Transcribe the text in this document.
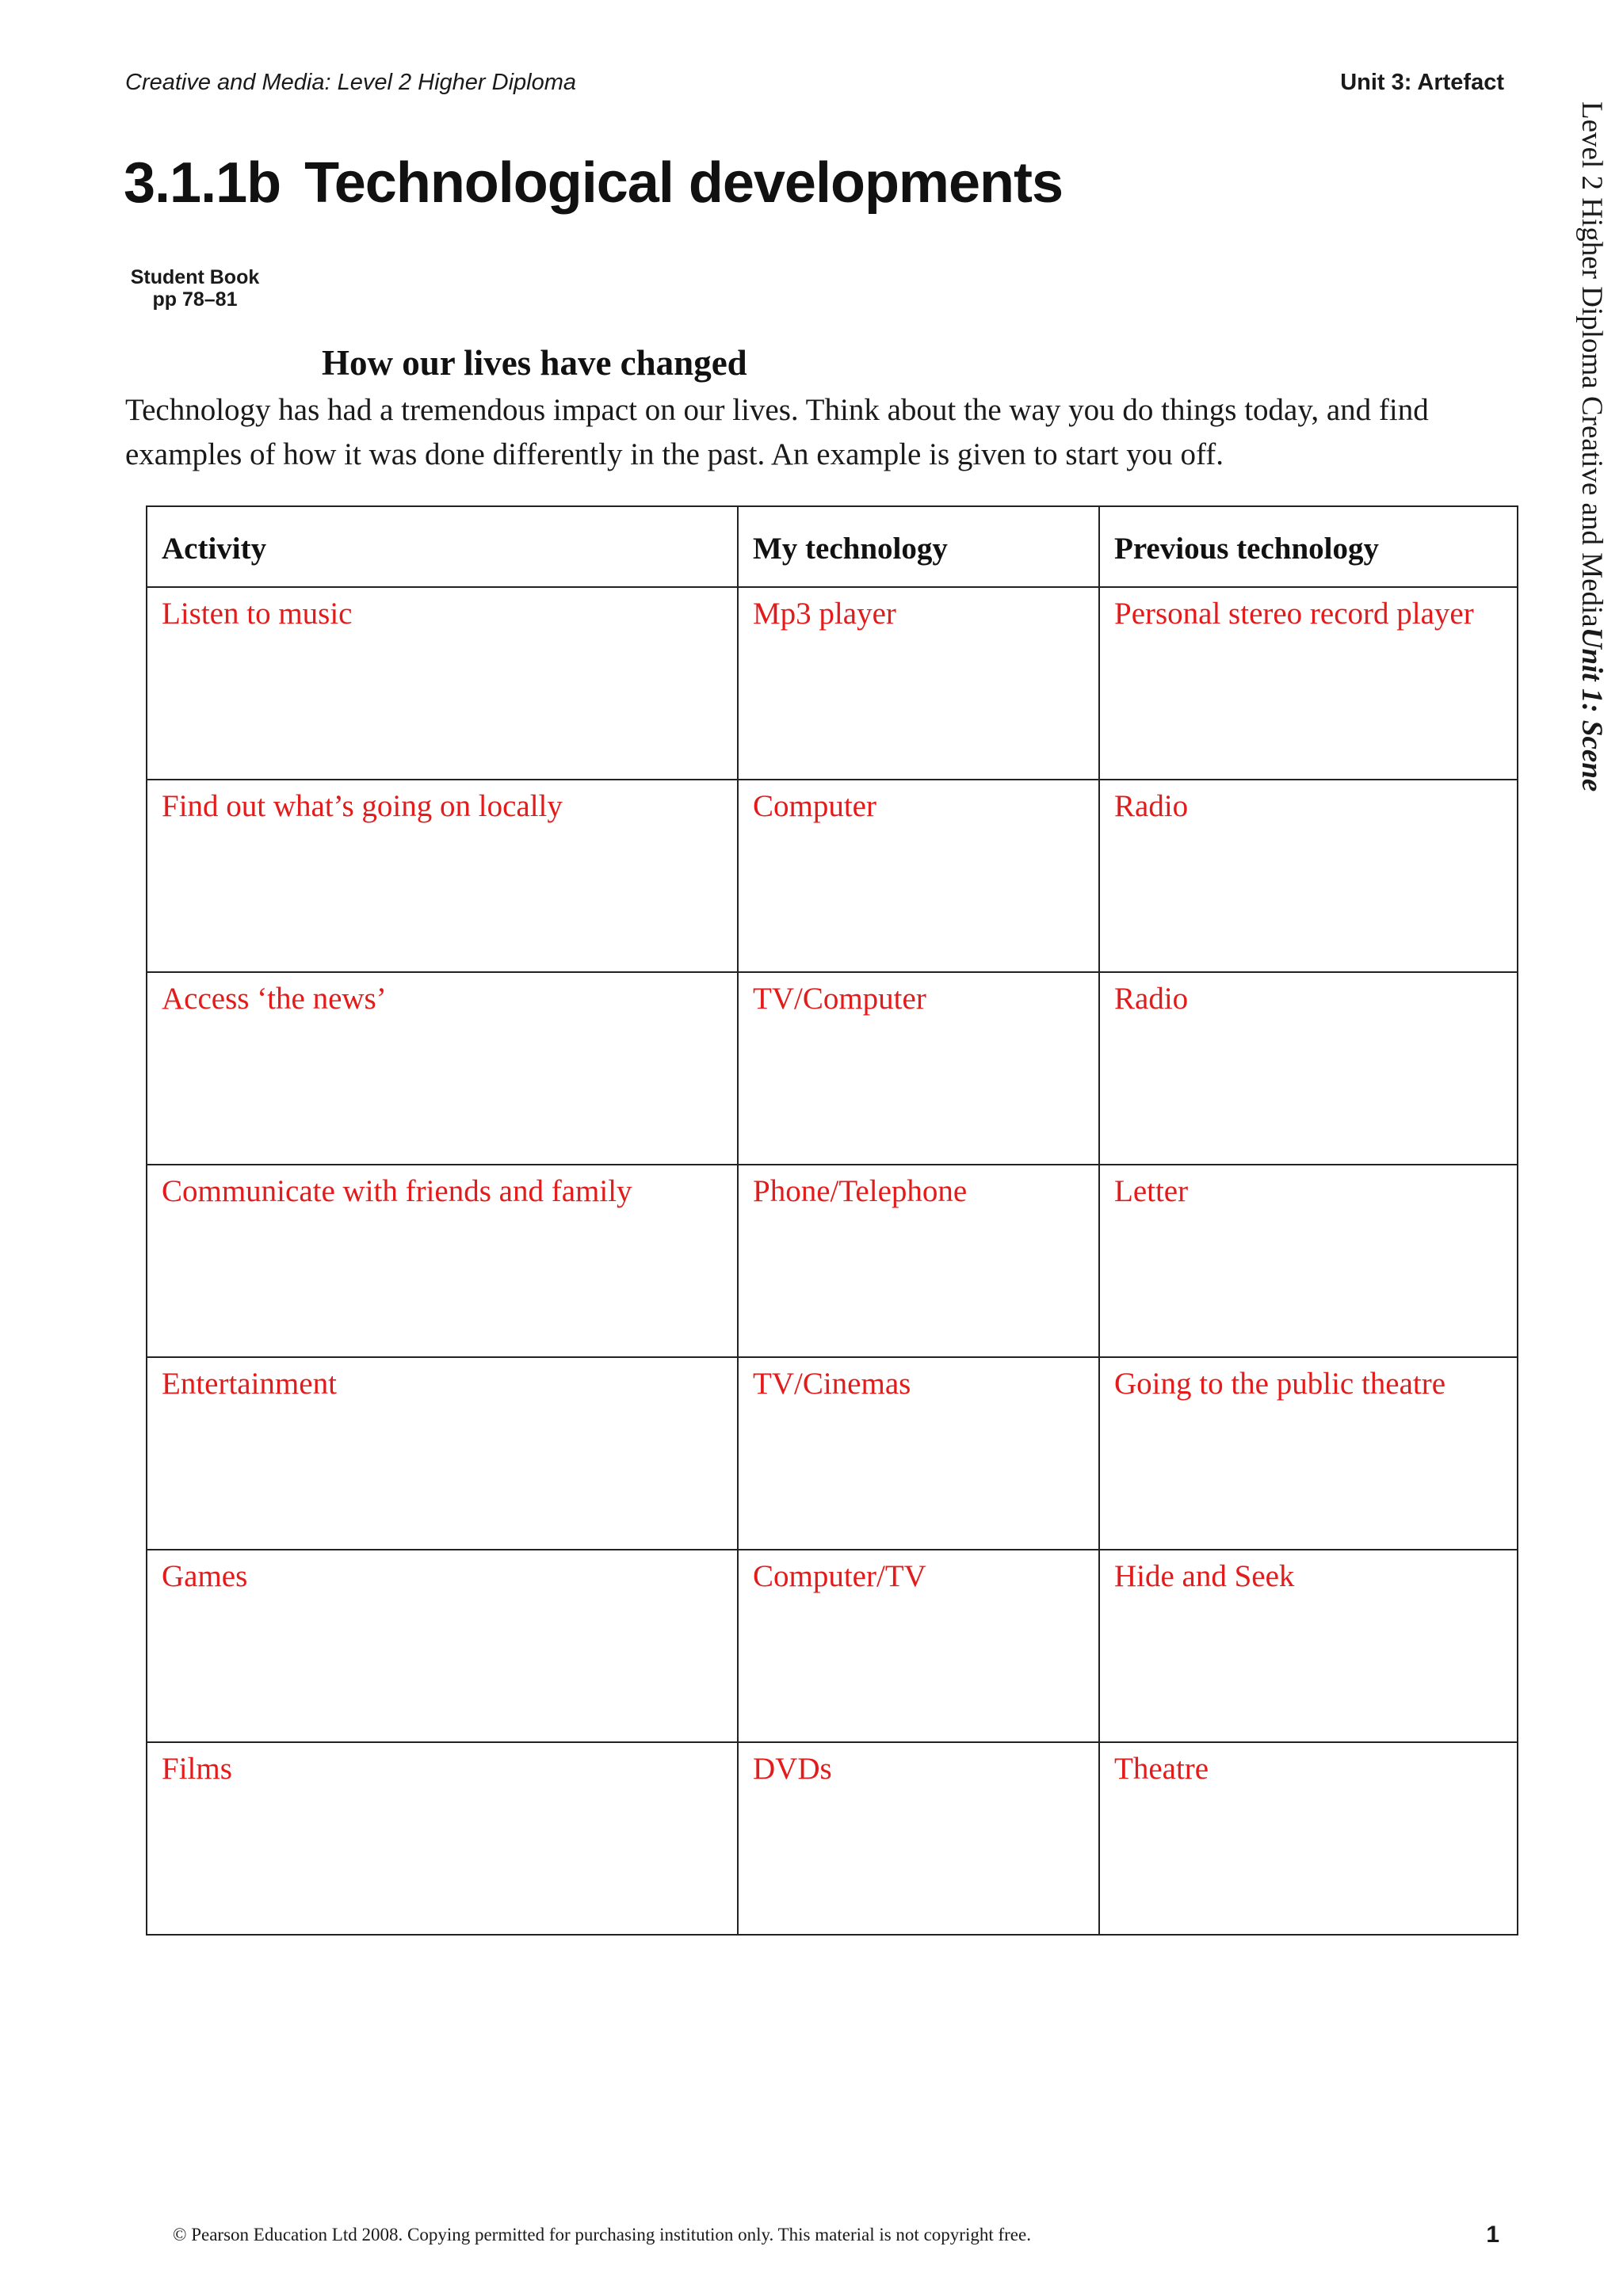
Creative and Media: Level 2 Higher Diploma	Unit 3: Artefact
Level 2 Higher Diploma Creative and MediaUnit 1: Scene
3.1.1b Technological developments
Student Book
pp 78–81
How our lives have changed
Technology has had a tremendous impact on our lives. Think about the way you do things today, and find examples of how it was done differently in the past. An example is given to start you off.
Activity	My technology	Previous technology
Listen to music	Mp3 player	Personal stereo record player
Find out what’s going on locally	Computer	Radio
Access ‘the news’	TV/Computer	Radio
Communicate with friends and family	Phone/Telephone	Letter
Entertainment	TV/Cinemas	Going to the public theatre
Games	Computer/TV	Hide and Seek
Films	DVDs	Theatre
© Pearson Education Ltd 2008. Copying permitted for purchasing institution only. This material is not copyright free.	1
